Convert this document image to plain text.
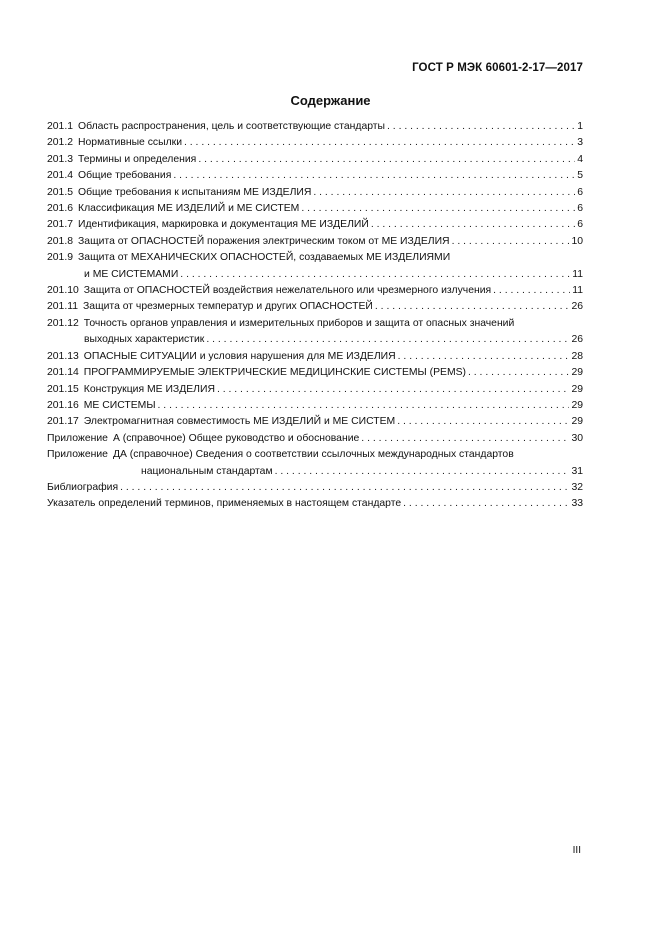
ГОСТ Р МЭК 60601-2-17—2017
Содержание
201.1 Область распространения, цель и соответствующие стандарты . . .	1
201.2 Нормативные ссылки . . .	3
201.3 Термины и определения . . .	4
201.4 Общие требования . . .	5
201.5 Общие требования к испытаниям МЕ ИЗДЕЛИЯ . . .	6
201.6 Классификация МЕ ИЗДЕЛИЙ и МЕ СИСТЕМ . . .	6
201.7 Идентификация, маркировка и документация МЕ ИЗДЕЛИЙ . . .	6
201.8 Защита от ОПАСНОСТЕЙ поражения электрическим током от МЕ ИЗДЕЛИЯ . . .	10
201.9 Защита от МЕХАНИЧЕСКИХ ОПАСНОСТЕЙ, создаваемых МЕ ИЗДЕЛИЯМИ
и МЕ СИСТЕМАМИ . . .	11
201.10 Защита от ОПАСНОСТЕЙ воздействия нежелательного или чрезмерного излучения . . .	11
201.11 Защита от чрезмерных температур и других ОПАСНОСТЕЙ . . .	26
201.12 Точность органов управления и измерительных приборов и защита от опасных значений
выходных характеристик . . .	26
201.13 ОПАСНЫЕ СИТУАЦИИ и условия нарушения для МЕ ИЗДЕЛИЯ . . .	28
201.14 ПРОГРАММИРУЕМЫЕ ЭЛЕКТРИЧЕСКИЕ МЕДИЦИНСКИЕ СИСТЕМЫ (PEMS) . . .	29
201.15 Конструкция МЕ ИЗДЕЛИЯ . . .	29
201.16 МЕ СИСТЕМЫ . . .	29
201.17 Электромагнитная совместимость МЕ ИЗДЕЛИЙ и МЕ СИСТЕМ . . .	29
Приложение А (справочное) Общее руководство и обоснование . . .	30
Приложение ДА (справочное) Сведения о соответствии ссылочных международных стандартов
национальным стандартам . . .	31
Библиография . . .	32
Указатель определений терминов, применяемых в настоящем стандарте . . .	33
III
